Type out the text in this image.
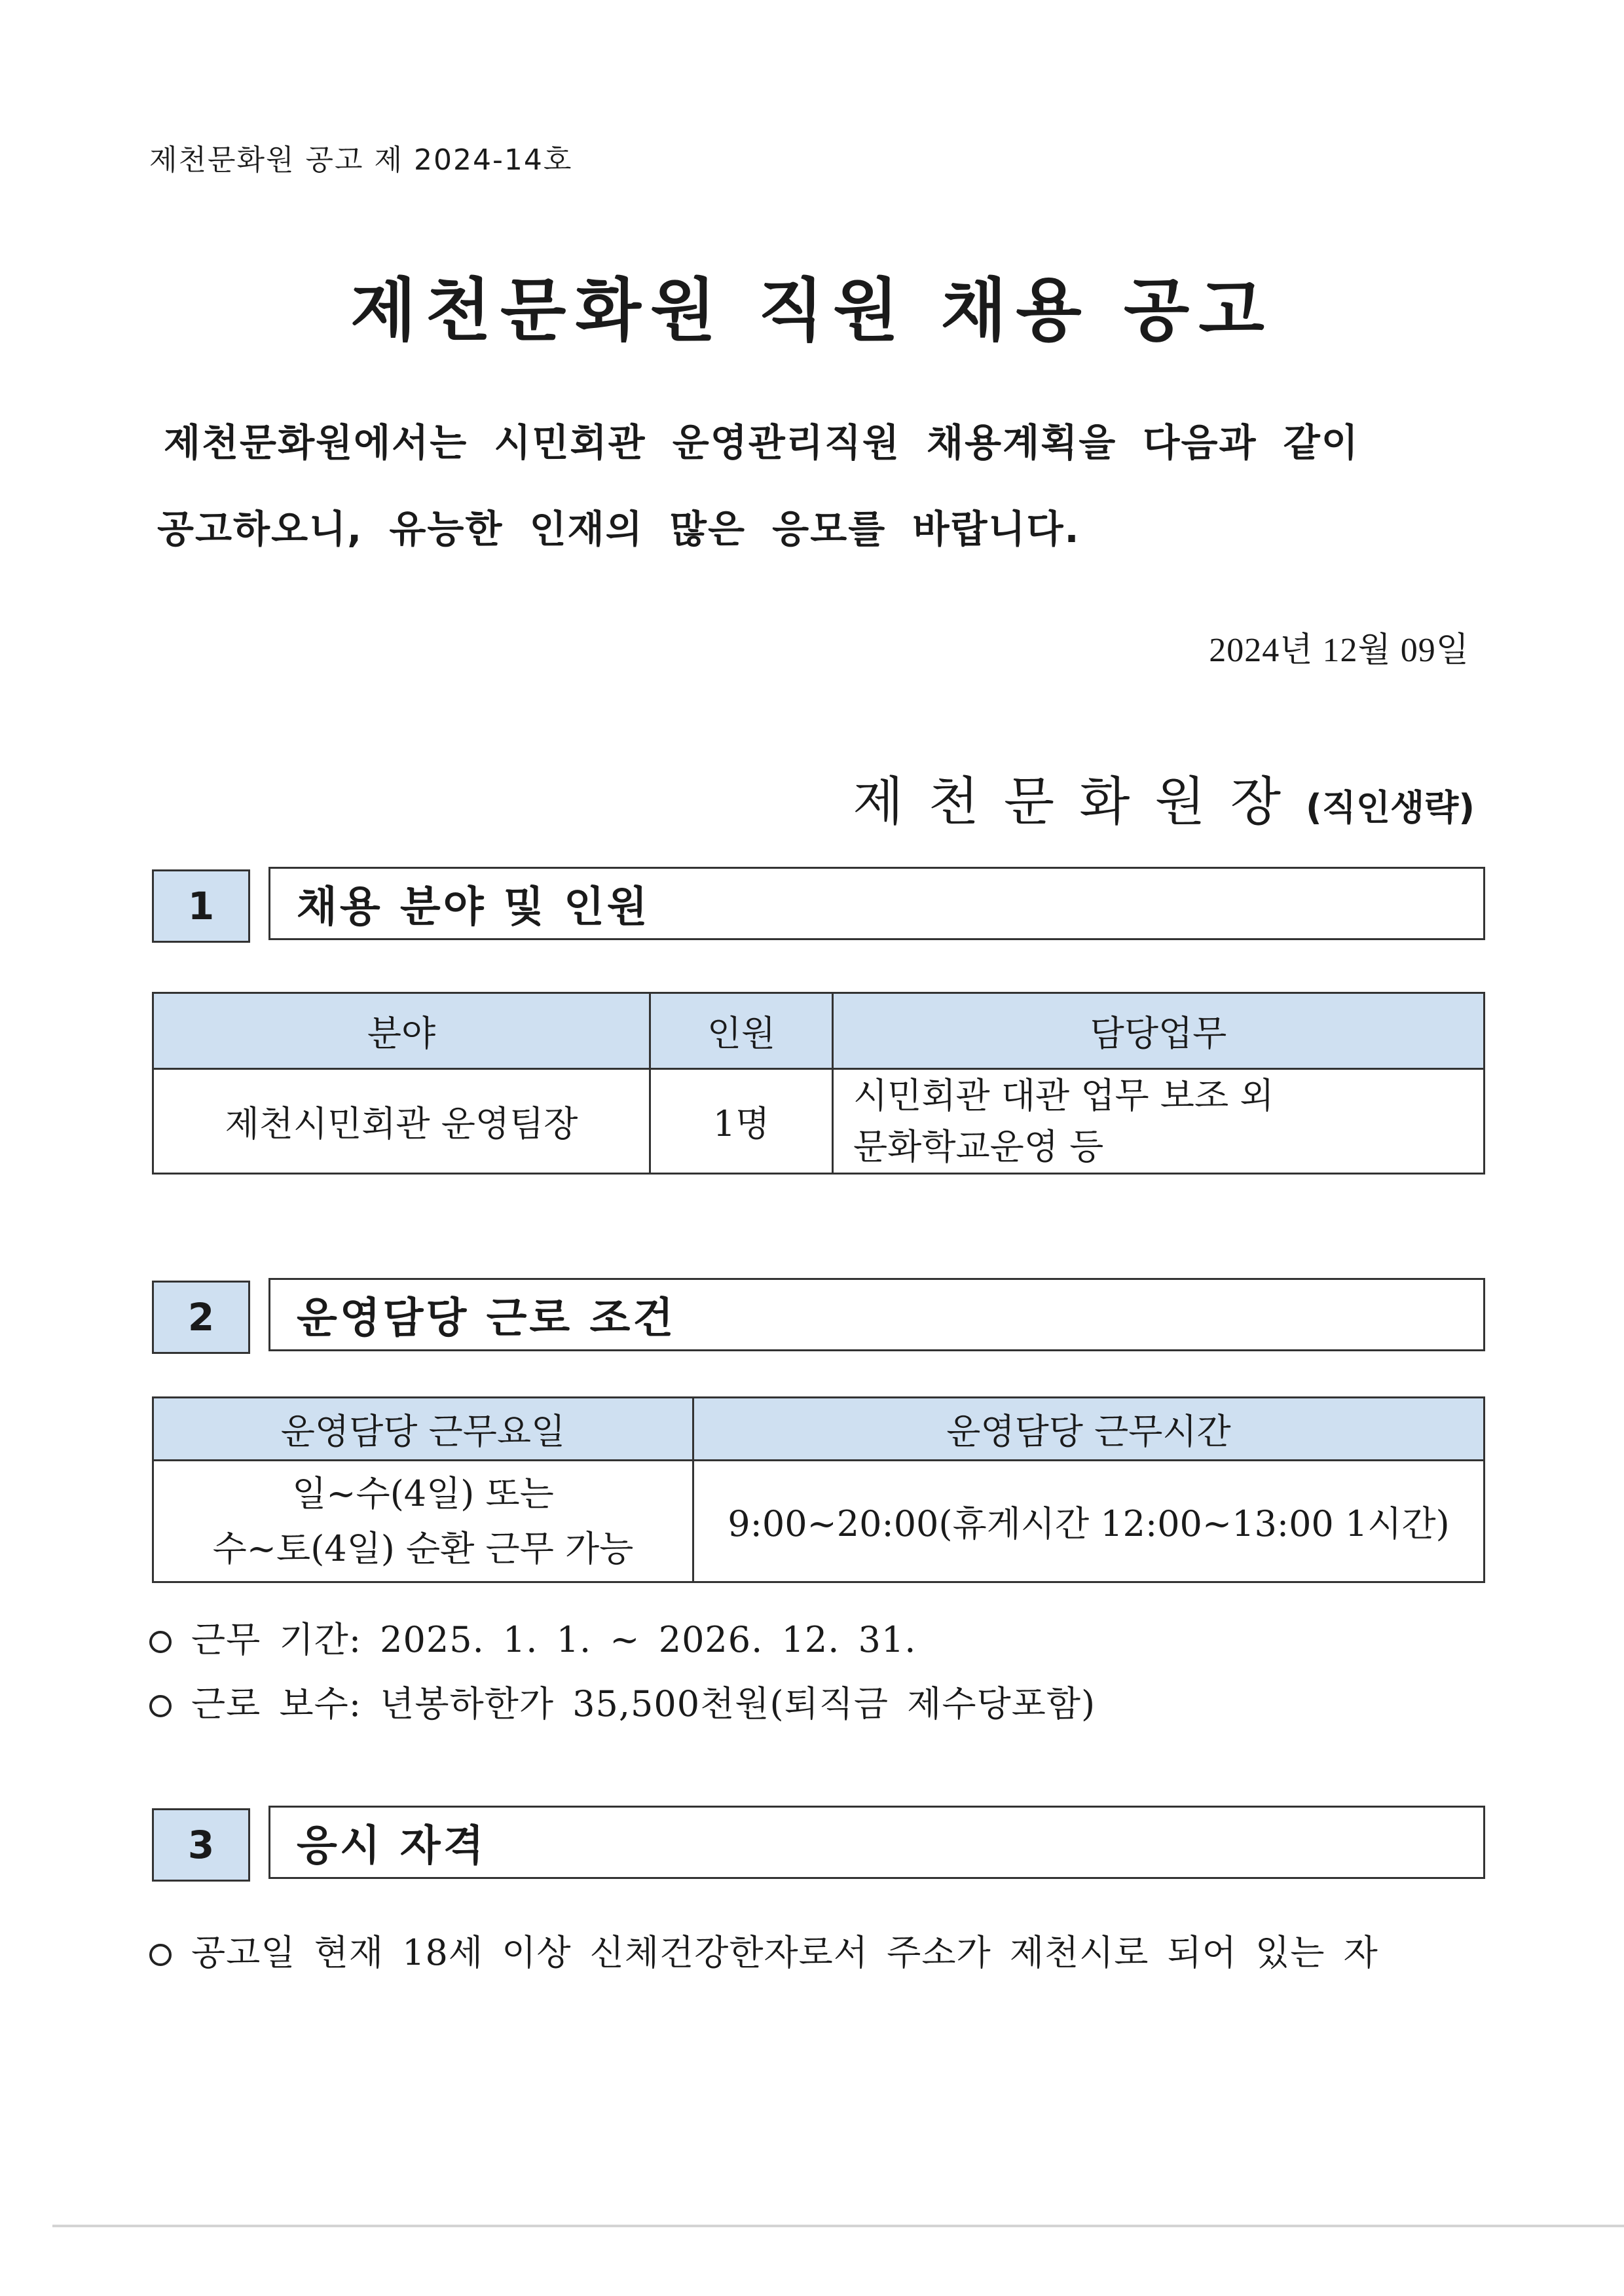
제천문화원 공고 제 2024-14호
제천문화원 직원 채용 공고
제천문화원에서는 시민회관 운영관리직원 채용계획을 다음과 같이
공고하오니, 유능한 인재의 많은 응모를 바랍니다.
2024년 12월 09일
제천문화원장(직인생략)
1	채용 분야 및 인원
분야	인원	담당업무
제천시민회관 운영팀장	1명	시민회관 대관 업무 보조 외
문화학교운영 등
2	운영담당 근로 조건
운영담당 근무요일	운영담당 근무시간

일~수(4일) 또는
수~토(4일) 순환 근무 가능	9:00~20:00(휴게시간 12:00~13:00 1시간)
근무 기간: 2025. 1. 1. ~ 2026. 12. 31.
근로 보수: 년봉하한가 35,500천원(퇴직금 제수당포함)
3	응시 자격
공고일 현재 18세 이상 신체건강한자로서 주소가 제천시로 되어 있는 자
